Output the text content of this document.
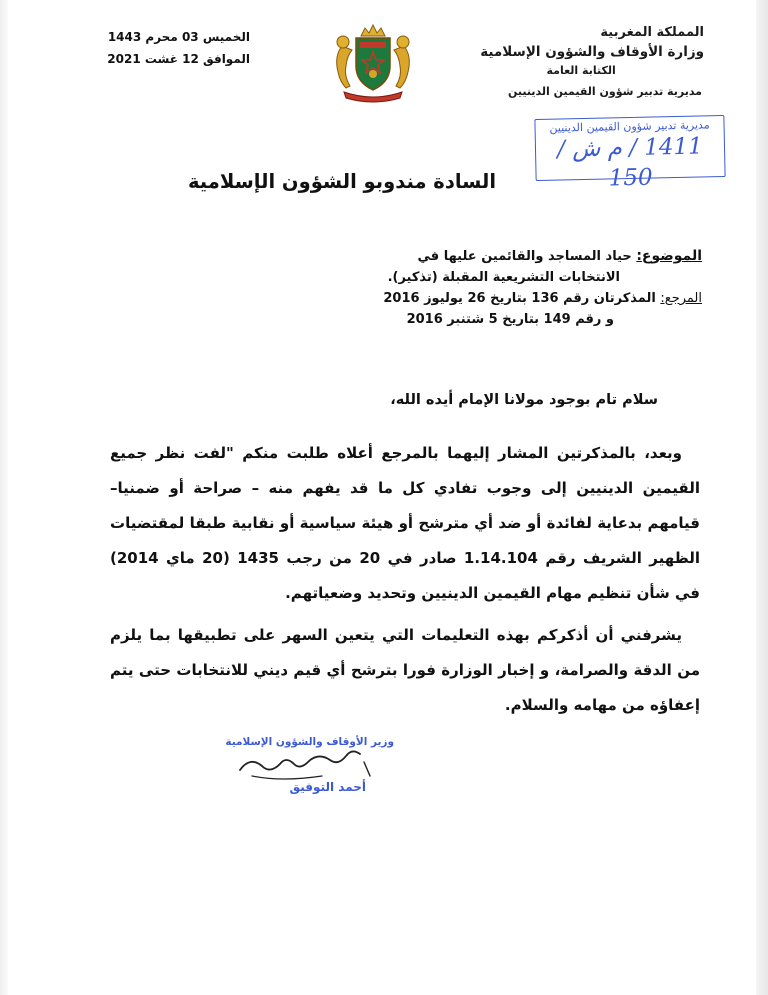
المملكة المغربية
وزارة الأوقاف والشؤون الإسلامية
الكتابة العامة
مديرية تدبير شؤون القيمين الدينيين
الخميس 03 محرم 1443
الموافق 12 غشت 2021
مديرية تدبير شؤون القيمين الدينيين
1411 / م ش / 150
السادة مندوبو الشؤون الإسلامية
الموضوع: حياد المساجد والقائمين عليها في
الانتخابات التشريعية المقبلة (تذكير).
المرجع: المذكرتان رقم 136 بتاريخ 26 يوليوز 2016
و رقم 149 بتاريخ 5 شتنبر 2016
سلام تام بوجود مولانا الإمام أيده الله،

وبعد، بالمذكرتين المشار إليهما بالمرجع أعلاه طلبت منكم "لفت نظر جميع القيمين الدينيين إلى وجوب تفادي كل ما قد يفهم منه – صراحة أو ضمنيا– قيامهم بدعاية لفائدة أو ضد أي مترشح أو هيئة سياسية أو نقابية طبقا لمقتضيات الظهير الشريف رقم 1.14.104 صادر في 20 من رجب 1435 (20 ماي 2014) في شأن تنظيم مهام القيمين الدينيين وتحديد وضعياتهم.

يشرفني أن أذكركم بهذه التعليمات التي يتعين السهر على تطبيقها بما يلزم من الدقة والصرامة، و إخبار الوزارة فورا بترشح أي قيم ديني للانتخابات حتى يتم إعفاؤه من مهامه والسلام.

وزير الأوقاف والشؤون الإسلامية
أحمد التوفيق
